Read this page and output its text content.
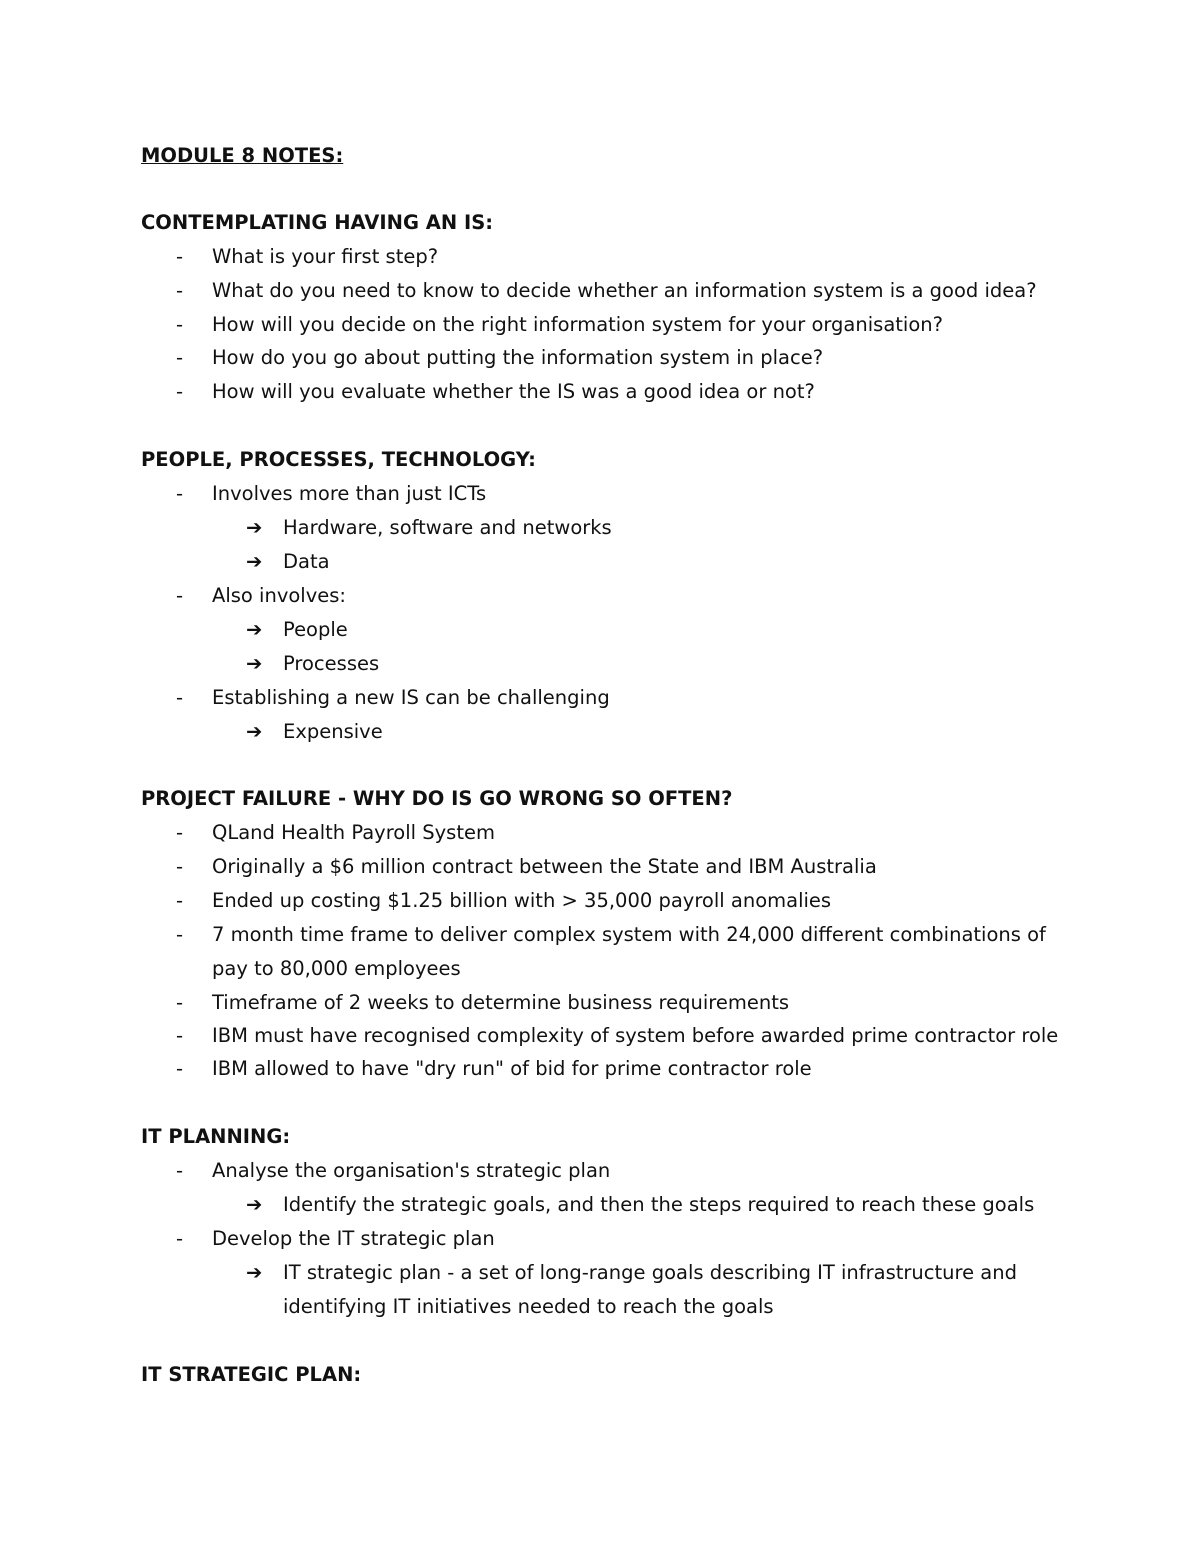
MODULE 8 NOTES:
CONTEMPLATING HAVING AN IS:
- What is your first step?
- What do you need to know to decide whether an information system is a good idea?
- How will you decide on the right information system for your organisation?
- How do you go about putting the information system in place?
- How will you evaluate whether the IS was a good idea or not?
PEOPLE, PROCESSES, TECHNOLOGY:
- Involves more than just ICTs
➔ Hardware, software and networks
➔ Data
- Also involves:
➔ People
➔ Processes
- Establishing a new IS can be challenging
➔ Expensive
PROJECT FAILURE - WHY DO IS GO WRONG SO OFTEN?
- QLand Health Payroll System
- Originally a $6 million contract between the State and IBM Australia
- Ended up costing $1.25 billion with > 35,000 payroll anomalies
- 7 month time frame to deliver complex system with 24,000 different combinations of
pay to 80,000 employees
- Timeframe of 2 weeks to determine business requirements
- IBM must have recognised complexity of system before awarded prime contractor role
- IBM allowed to have "dry run" of bid for prime contractor role
IT PLANNING:
- Analyse the organisation's strategic plan
➔ Identify the strategic goals, and then the steps required to reach these goals
- Develop the IT strategic plan
➔ IT strategic plan - a set of long-range goals describing IT infrastructure and
identifying IT initiatives needed to reach the goals
IT STRATEGIC PLAN:
